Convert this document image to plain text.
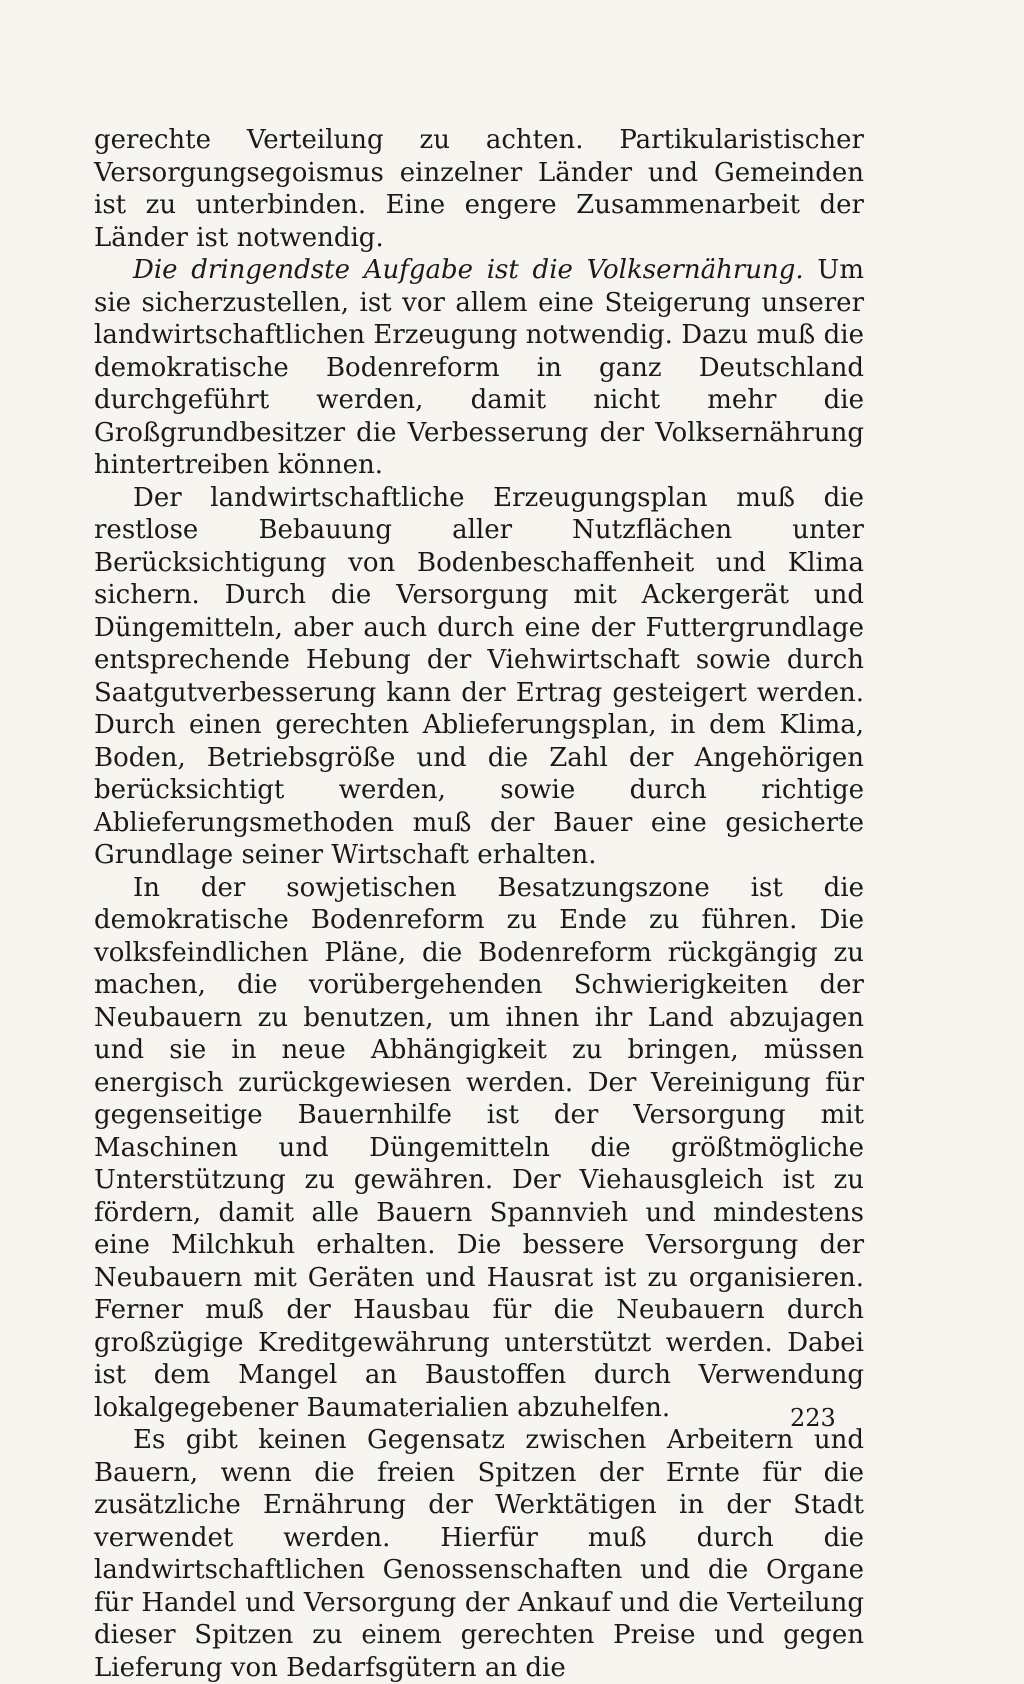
gerechte Verteilung zu achten. Partikularistischer Versorgungsegoismus einzelner Länder und Gemeinden ist zu unterbinden. Eine engere Zusammenarbeit der Länder ist notwendig.

Die dringendste Aufgabe ist die Volksernährung. Um sie sicherzustellen, ist vor allem eine Steigerung unserer landwirtschaftlichen Erzeugung notwendig. Dazu muß die demokratische Bodenreform in ganz Deutschland durchgeführt werden, damit nicht mehr die Großgrundbesitzer die Verbesserung der Volksernährung hintertreiben können.

Der landwirtschaftliche Erzeugungsplan muß die restlose Bebauung aller Nutzflächen unter Berücksichtigung von Bodenbeschaffenheit und Klima sichern. Durch die Versorgung mit Ackergerät und Düngemitteln, aber auch durch eine der Futtergrundlage entsprechende Hebung der Viehwirtschaft sowie durch Saatgutverbesserung kann der Ertrag gesteigert werden. Durch einen gerechten Ablieferungsplan, in dem Klima, Boden, Betriebsgröße und die Zahl der Angehörigen berücksichtigt werden, sowie durch richtige Ablieferungsmethoden muß der Bauer eine gesicherte Grundlage seiner Wirtschaft erhalten.

In der sowjetischen Besatzungszone ist die demokratische Bodenreform zu Ende zu führen. Die volksfeindlichen Pläne, die Bodenreform rückgängig zu machen, die vorübergehenden Schwierigkeiten der Neubauern zu benutzen, um ihnen ihr Land abzujagen und sie in neue Abhängigkeit zu bringen, müssen energisch zurückgewiesen werden. Der Vereinigung für gegenseitige Bauernhilfe ist der Versorgung mit Maschinen und Düngemitteln die größtmögliche Unterstützung zu gewähren. Der Viehausgleich ist zu fördern, damit alle Bauern Spannvieh und mindestens eine Milchkuh erhalten. Die bessere Versorgung der Neubauern mit Geräten und Hausrat ist zu organisieren. Ferner muß der Hausbau für die Neubauern durch großzügige Kreditgewährung unterstützt werden. Dabei ist dem Mangel an Baustoffen durch Verwendung lokalgegebener Baumaterialien abzuhelfen.

Es gibt keinen Gegensatz zwischen Arbeitern und Bauern, wenn die freien Spitzen der Ernte für die zusätzliche Ernährung der Werktätigen in der Stadt verwendet werden. Hierfür muß durch die landwirtschaftlichen Genossenschaften und die Organe für Handel und Versorgung der Ankauf und die Verteilung dieser Spitzen zu einem gerechten Preise und gegen Lieferung von Bedarfsgütern an die

223
